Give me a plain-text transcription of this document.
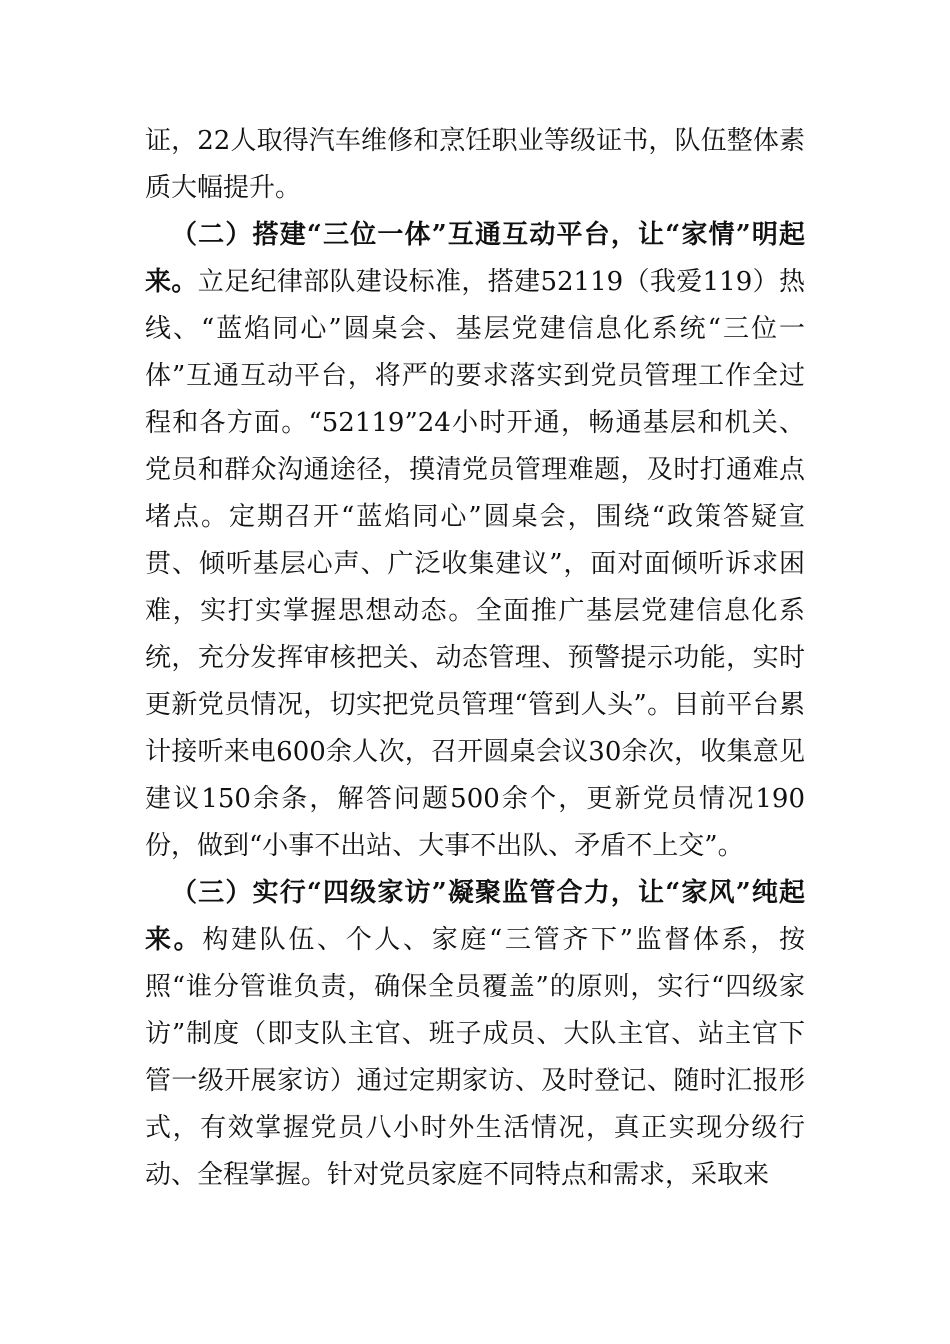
证，22人取得汽车维修和烹饪职业等级证书，队伍整体素质大幅提升。

（二）搭建“三位一体”互通互动平台，让“家情”明起来。立足纪律部队建设标准，搭建52119（我爱119）热线、“蓝焰同心”圆桌会、基层党建信息化系统“三位一体”互通互动平台，将严的要求落实到党员管理工作全过程和各方面。“52119”24小时开通，畅通基层和机关、党员和群众沟通途径，摸清党员管理难题，及时打通难点堵点。定期召开“蓝焰同心”圆桌会，围绕“政策答疑宣贯、倾听基层心声、广泛收集建议”，面对面倾听诉求困难，实打实掌握思想动态。全面推广基层党建信息化系统，充分发挥审核把关、动态管理、预警提示功能，实时更新党员情况，切实把党员管理“管到人头”。目前平台累计接听来电600余人次，召开圆桌会议30余次，收集意见建议150余条，解答问题500余个，更新党员情况190份，做到“小事不出站、大事不出队、矛盾不上交”。

（三）实行“四级家访”凝聚监管合力，让“家风”纯起来。构建队伍、个人、家庭“三管齐下”监督体系，按照“谁分管谁负责，确保全员覆盖”的原则，实行“四级家访”制度（即支队主官、班子成员、大队主官、站主官下管一级开展家访）通过定期家访、及时登记、随时汇报形式，有效掌握党员八小时外生活情况，真正实现分级行动、全程掌握。针对党员家庭不同特点和需求，采取来
